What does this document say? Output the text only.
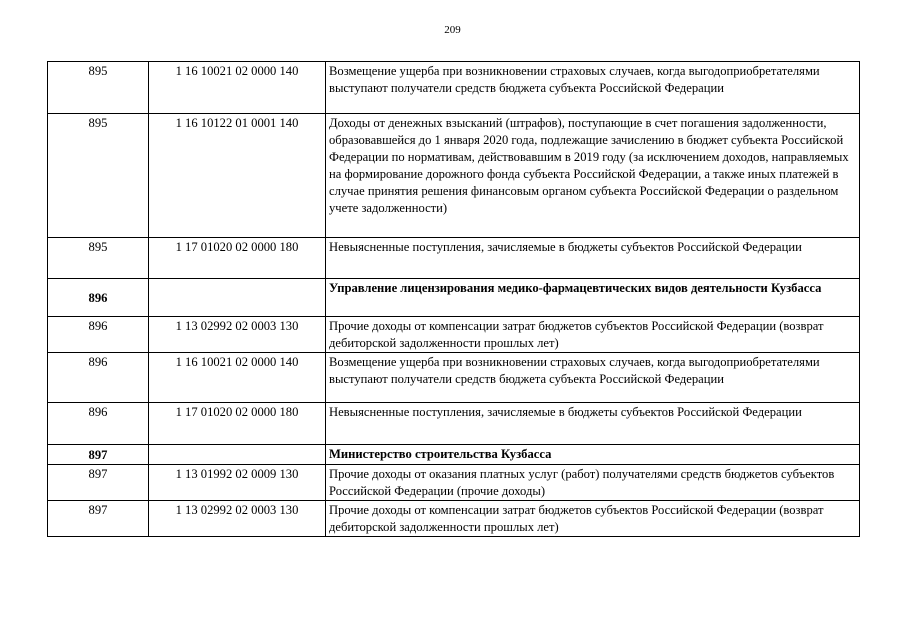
209
895	1 16 10021 02 0000 140	Возмещение ущерба при возникновении страховых случаев, когда выгодоприобретателями выступают получатели средств бюджета субъекта Российской Федерации
895	1 16 10122 01 0001 140	Доходы от денежных взысканий (штрафов), поступающие в счет погашения задолженности, образовавшейся до 1 января 2020 года, подлежащие зачислению в бюджет субъекта Российской Федерации по нормативам, действовавшим в 2019 году (за исключением доходов, направляемых на формирование дорожного фонда субъекта Российской Федерации, а также иных платежей в случае принятия решения финансовым органом субъекта Российской Федерации о раздельном учете задолженности)
895	1 17 01020 02 0000 180	Невыясненные поступления, зачисляемые в бюджеты субъектов Российской Федерации
896		Управление лицензирования медико-фармацевтических видов деятельности Кузбасса
896	1 13 02992 02 0003 130	Прочие доходы от компенсации затрат бюджетов субъектов Российской Федерации (возврат дебиторской задолженности прошлых лет)
896	1 16 10021 02 0000 140	Возмещение ущерба при возникновении страховых случаев, когда выгодоприобретателями выступают получатели средств бюджета субъекта Российской Федерации
896	1 17 01020 02 0000 180	Невыясненные поступления, зачисляемые в бюджеты субъектов Российской Федерации
897		Министерство строительства Кузбасса
897	1 13 01992 02 0009 130	Прочие доходы от оказания платных услуг (работ) получателями средств бюджетов субъектов Российской Федерации (прочие доходы)
897	1 13 02992 02 0003 130	Прочие доходы от компенсации затрат бюджетов субъектов Российской Федерации (возврат дебиторской задолженности прошлых лет)
